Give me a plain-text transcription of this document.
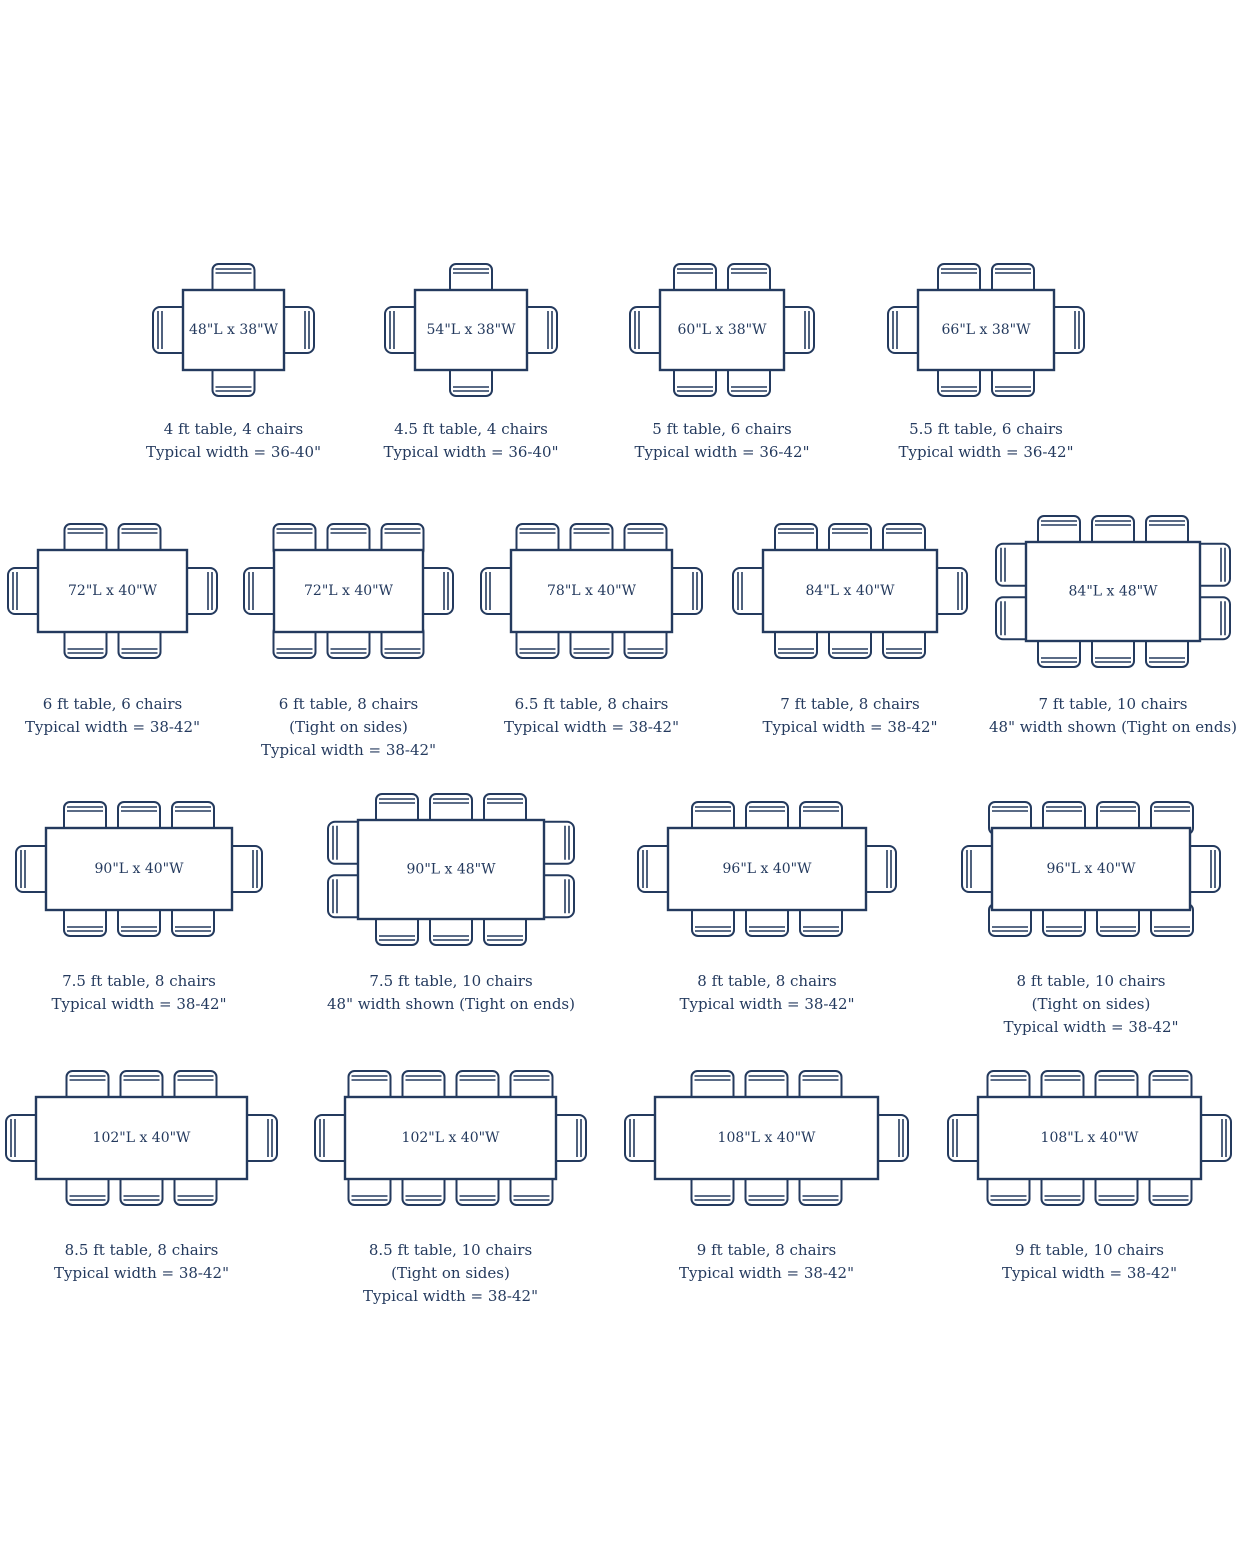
48"L x 38"W
4 ft table, 4 chairs
Typical width = 36-40"
54"L x 38"W
4.5 ft table, 4 chairs
Typical width = 36-40"
60"L x 38"W
5 ft table, 6 chairs
Typical width = 36-42"
66"L x 38"W
5.5 ft table, 6 chairs
Typical width = 36-42"
72"L x 40"W
6 ft table, 6 chairs
Typical width = 38-42"
72"L x 40"W
6 ft table, 8 chairs
(Tight on sides)
Typical width = 38-42"
78"L x 40"W
6.5 ft table, 8 chairs
Typical width = 38-42"
84"L x 40"W
7 ft table, 8 chairs
Typical width = 38-42"
84"L x 48"W
7 ft table, 10 chairs
48" width shown (Tight on ends)
90"L x 40"W
7.5 ft table, 8 chairs
Typical width = 38-42"
90"L x 48"W
7.5 ft table, 10 chairs
48" width shown (Tight on ends)
96"L x 40"W
8 ft table, 8 chairs
Typical width = 38-42"
96"L x 40"W
8 ft table, 10 chairs
(Tight on sides)
Typical width = 38-42"
102"L x 40"W
8.5 ft table, 8 chairs
Typical width = 38-42"
102"L x 40"W
8.5 ft table, 10 chairs
(Tight on sides)
Typical width = 38-42"
108"L x 40"W
9 ft table, 8 chairs
Typical width = 38-42"
108"L x 40"W
9 ft table, 10 chairs
Typical width = 38-42"
